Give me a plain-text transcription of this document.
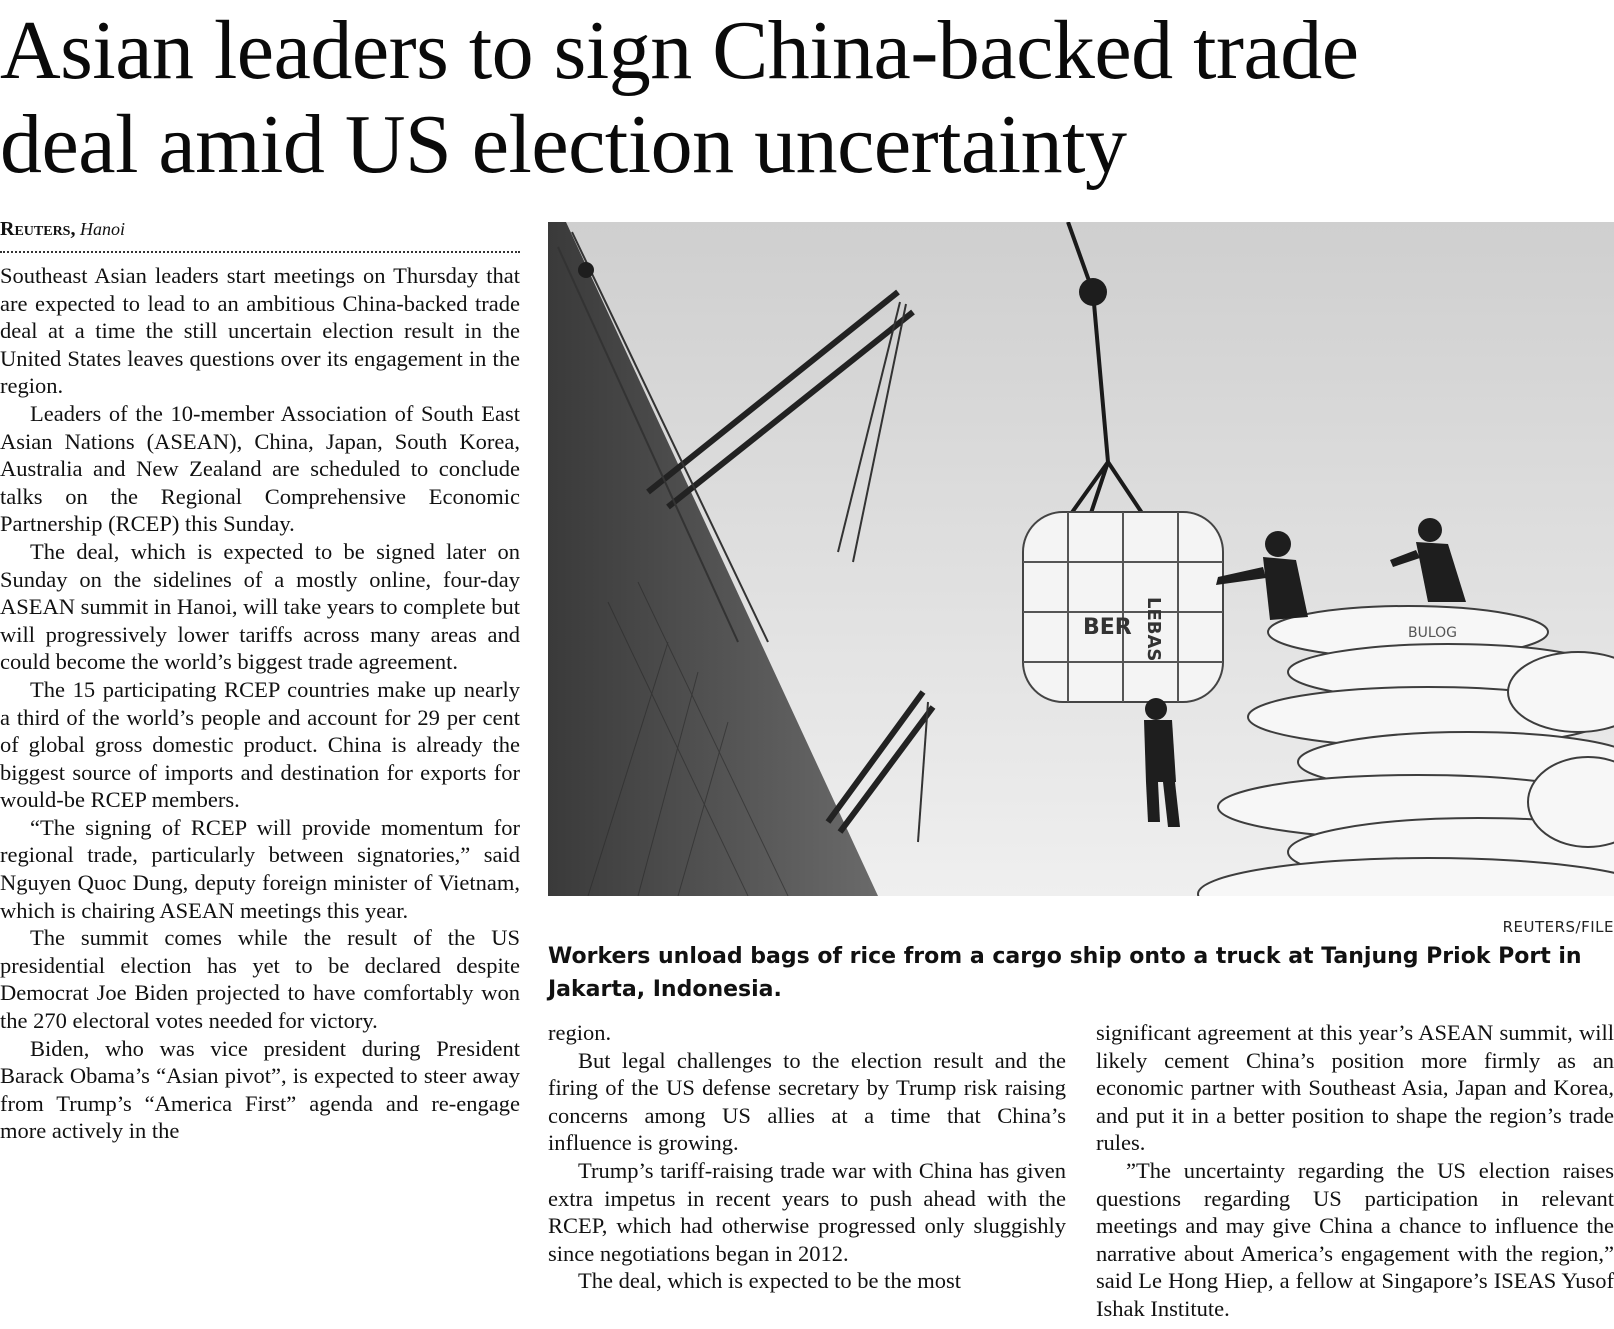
Asian leaders to sign China-backed trade
deal amid US election uncertainty
Reuters, Hanoi

Southeast Asian leaders start meetings on Thursday that are expected to lead to an ambitious China-backed trade deal at a time the still uncertain election result in the United States leaves questions over its engagement in the region.

Leaders of the 10-member Association of South East Asian Nations (ASEAN), China, Japan, South Korea, Australia and New Zealand are scheduled to conclude talks on the Regional Comprehensive Economic Partnership (RCEP) this Sunday.

The deal, which is expected to be signed later on Sunday on the sidelines of a mostly online, four-day ASEAN summit in Hanoi, will take years to complete but will progressively lower tariffs across many areas and could become the world’s biggest trade agreement.

The 15 participating RCEP countries make up nearly a third of the world’s people and account for 29 per cent of global gross domestic product. China is already the biggest source of imports and destination for exports for would-be RCEP members.

“The signing of RCEP will provide momentum for regional trade, particularly between signatories,” said Nguyen Quoc Dung, deputy foreign minister of Vietnam, which is chairing ASEAN meetings this year.

The summit comes while the result of the US presidential election has yet to be declared despite Democrat Joe Biden projected to have comfortably won the 270 electoral votes needed for victory.

Biden, who was vice president during President Barack Obama’s “Asian pivot”, is expected to steer away from Trump’s “America First” agenda and re-engage more actively in the

BER LEBAS	BULOG
REUTERS/FILE
Workers unload bags of rice from a cargo ship onto a truck at Tanjung Priok Port in Jakarta, Indonesia.

region.

But legal challenges to the election result and the firing of the US defense secretary by Trump risk raising concerns among US allies at a time that China’s influence is growing.

Trump’s tariff-raising trade war with China has given extra impetus in recent years to push ahead with the RCEP, which had otherwise progressed only sluggishly since negotiations began in 2012.

The deal, which is expected to be the most

significant agreement at this year’s ASEAN summit, will likely cement China’s position more firmly as an economic partner with Southeast Asia, Japan and Korea, and put it in a better position to shape the region’s trade rules.

”The uncertainty regarding the US election raises questions regarding US participation in relevant meetings and may give China a chance to influence the narrative about America’s engagement with the region,” said Le Hong Hiep, a fellow at Singapore’s ISEAS Yusof Ishak Institute.
